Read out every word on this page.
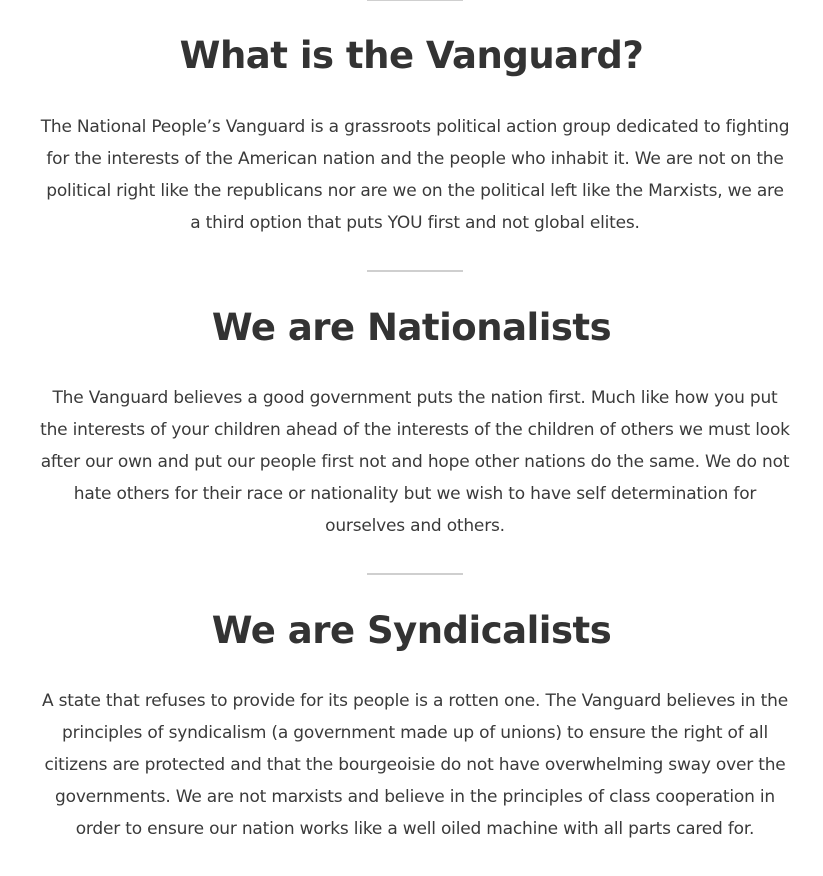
What is the Vanguard?

The National People’s Vanguard is a grassroots political action group dedicated to fighting for the interests of the American nation and the people who inhabit it. We are not on the political right like the republicans nor are we on the political left like the Marxists, we are a third option that puts YOU first and not global elites.

We are Nationalists

The Vanguard believes a good government puts the nation first. Much like how you put the interests of your children ahead of the interests of the children of others we must look after our own and put our people first not and hope other nations do the same. We do not hate others for their race or nationality but we wish to have self determination for ourselves and others.

We are Syndicalists

A state that refuses to provide for its people is a rotten one. The Vanguard believes in the principles of syndicalism (a government made up of unions) to ensure the right of all citizens are protected and that the bourgeoisie do not have overwhelming sway over the governments. We are not marxists and believe in the principles of class cooperation in order to ensure our nation works like a well oiled machine with all parts cared for.
